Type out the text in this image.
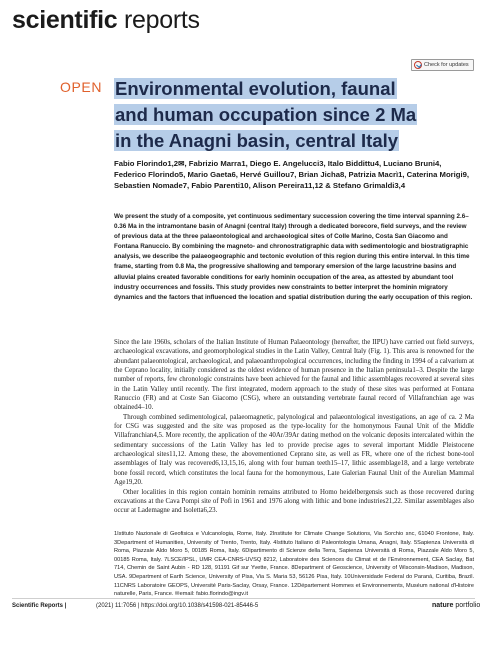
scientific reports
Check for updates
OPEN Environmental evolution, faunal
and human occupation since 2 Ma
in the Anagni basin, central Italy
Fabio Florindo1,2✉, Fabrizio Marra1, Diego E. Angelucci3, Italo Biddittu4, Luciano Bruni4, Federico Florindo5, Mario Gaeta6, Hervé Guillou7, Brian Jicha8, Patrizia Macrì1, Caterina Morigi9, Sebastien Nomade7, Fabio Parenti10, Alison Pereira11,12 & Stefano Grimaldi3,4
We present the study of a composite, yet continuous sedimentary succession covering the time interval spanning 2.6–0.36 Ma in the intramontane basin of Anagni (central Italy) through a dedicated borecore, field surveys, and the review of previous data at the three palaeontological and archaeological sites of Colle Marino, Costa San Giacomo and Fontana Ranuccio. By combining the magneto- and chronostratigraphic data with sedimentologic and biostratigraphic analysis, we describe the palaeogeographic and tectonic evolution of this region during this entire interval. In this time frame, starting from 0.8 Ma, the progressive shallowing and temporary emersion of the large lacustrine basins and alluvial plains created favorable conditions for early hominin occupation of the area, as attested by abundant tool industry occurrences and fossils. This study provides new constraints to better interpret the hominin migratory dynamics and the factors that influenced the location and spatial distribution during the early occupation of this region.

Since the late 1960s, scholars of the Italian Institute of Human Palaeontology (hereafter, the IIPU) have carried out field surveys, archaeological excavations, and geomorphological studies in the Latin Valley, Central Italy (Fig. 1). This area is renowned for the abundant palaeontological, archaeological, and palaeoanthropological occurrences, including the finding in 1994 of a calvarium at the Ceprano locality, initially considered as the oldest evidence of human presence in the Italian peninsula1–3. Despite the large number of reports, few chronologic constraints have been achieved for the faunal and lithic assemblages recovered at several sites in the Latin Valley until recently. The first integrated, modern approach to the study of these sites was performed at Fontana Ranuccio (FR) and at Coste San Giacomo (CSG), where an outstanding vertebrate faunal record of Villafranchian age was obtained4–10.

Through combined sedimentological, palaeomagnetic, palynological and palaeontological investigations, an age of ca. 2 Ma for CSG was suggested and the site was proposed as the type-locality for the homonymous Faunal Unit of the Middle Villafranchian4,5. More recently, the application of the 40Ar/39Ar dating method on the volcanic deposits intercalated within the sedimentary successions of the Latin Valley has led to provide precise ages to several important Middle Pleistocene archaeological sites11,12. Among these, the abovementioned Ceprano site, as well as FR, where one of the richest bone-tool assemblages of Italy was recovered6,13,15,16, along with four human teeth15–17, lithic assemblage18, and a large vertebrate bone fossil record, which constitutes the local fauna for the homonymous, Late Galerian Faunal Unit of the Aurelian Mammal Age19,20.

Other localities in this region contain hominin remains attributed to Homo heidelbergensis such as those recovered during excavations at the Cava Pompi site of Pofi in 1961 and 1976 along with lithic and bone industries21,22. Similar assemblages also occur at Lademagne and Isoletta6,23.

1Istituto Nazionale di Geofisica e Vulcanologia, Rome, Italy. 2Institute for Climate Change Solutions, Via Sorchio snc, 61040 Frontone, Italy. 3Department of Humanities, University of Trento, Trento, Italy. 4Istituto Italiano di Paleontologia Umana, Anagni, Italy. 5Sapienza Università di Roma, Piazzale Aldo Moro 5, 00185 Roma, Italy. 6Dipartimento di Scienze della Terra, Sapienza Università di Roma, Piazzale Aldo Moro 5, 00185 Roma, Italy. 7LSCE/IPSL, UMR CEA-CNRS-UVSQ 8212, Laboratoire des Sciences du Climat et de l'Environnement, CEA Saclay, Bat 714, Chemin de Saint Aubin - RD 128, 91191 Gif sur Yvette, France. 8Department of Geoscience, University of Wisconsin-Madison, Madison, USA. 9Department of Earth Science, University of Pisa, Via S. Maria 53, 56126 Pisa, Italy. 10Universidade Federal do Paraná, Curitiba, Brazil. 11CNRS Laboratoire GEOPS, Université Paris-Saclay, Orsay, France. 12Département Hommes et Environnements, Muséum national d'Histoire naturelle, Paris, France. ✉email: fabio.florindo@ingv.it
Scientific Reports |	(2021) 11:7056 | https://doi.org/10.1038/s41598-021-85446-5	nature portfolio
